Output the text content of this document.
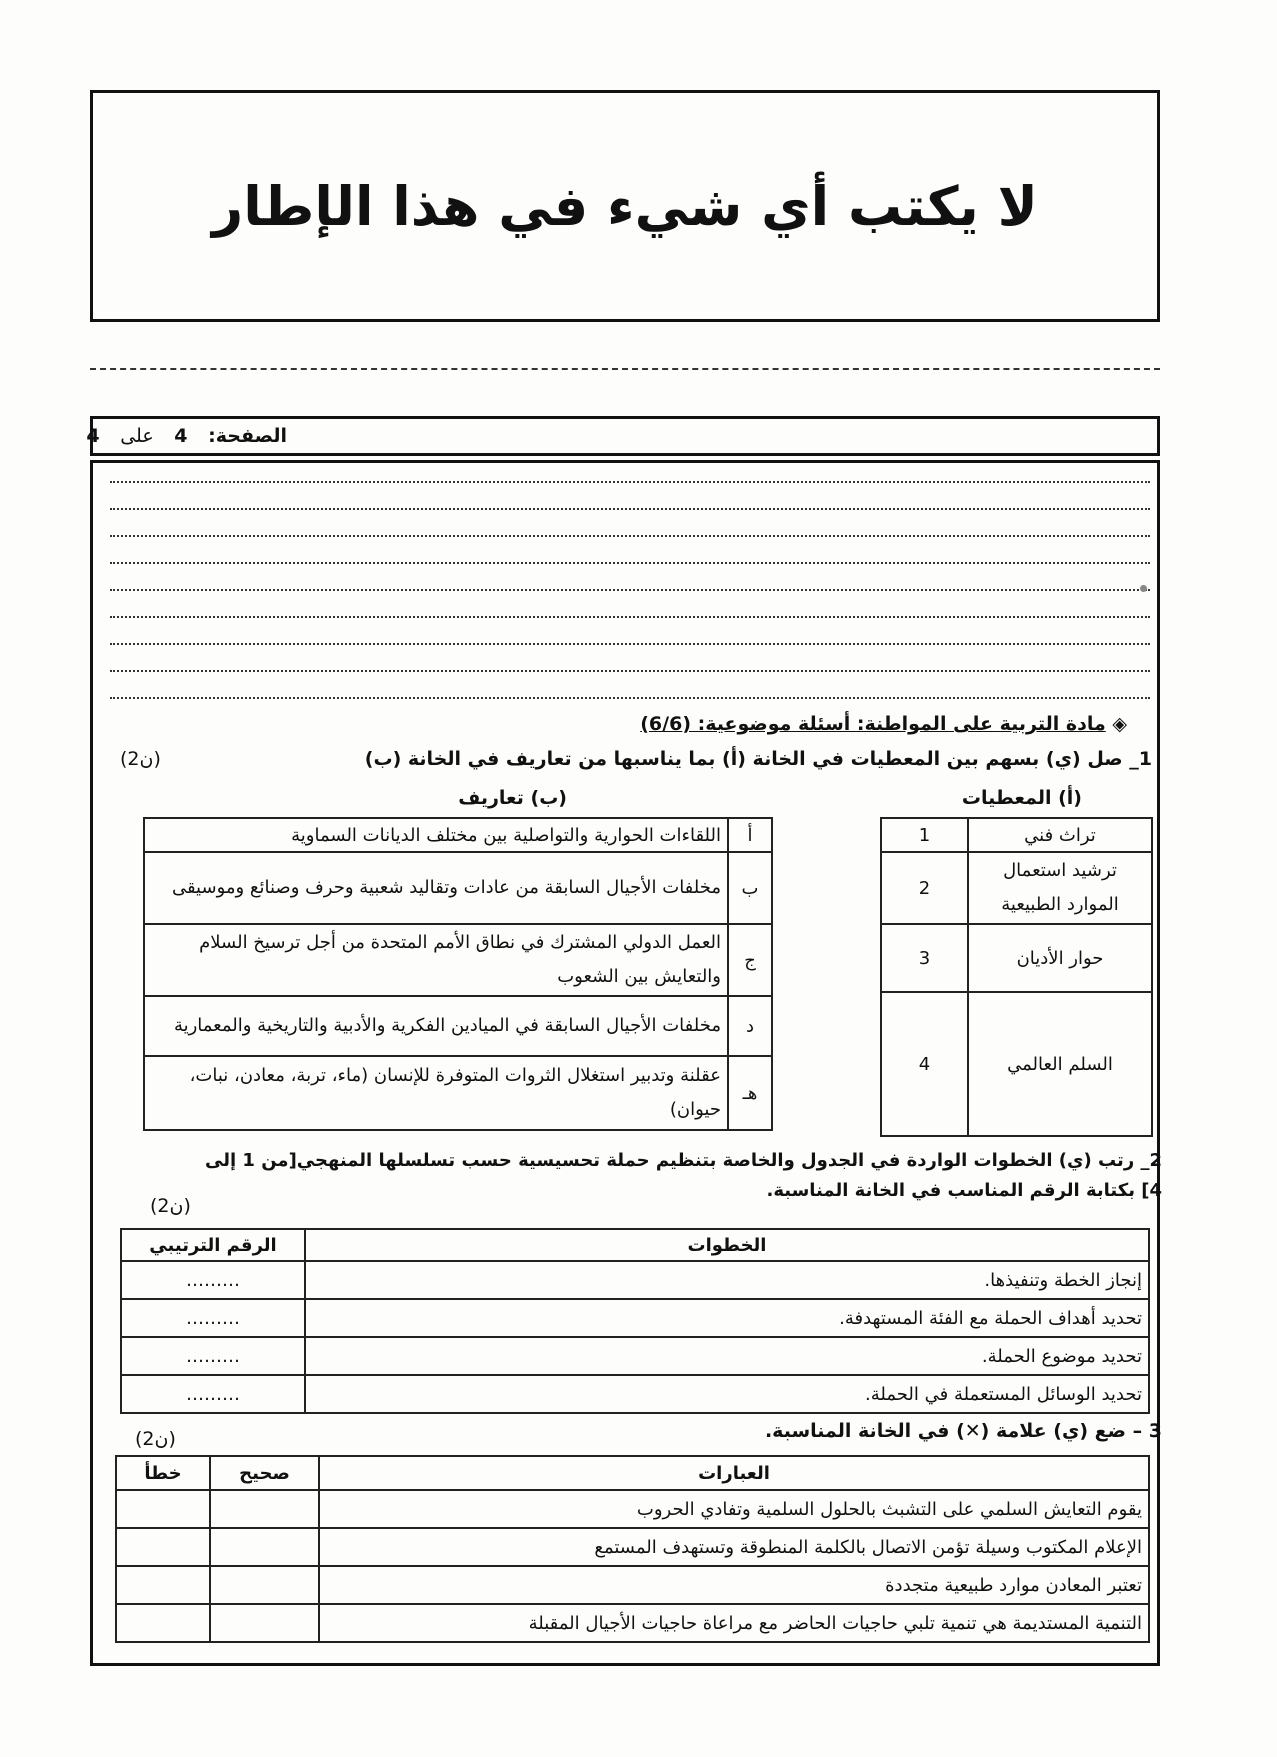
لا يكتب أي شيء في هذا الإطار
الصفحة: 4 على 4
◈ مادة التربية على المواطنة: أسئلة موضوعية: (6/6)
1_ صل (ي) بسهم بين المعطيات في الخانة (أ) بما يناسبها من تعاريف في الخانة (ب)
(2ن)
(أ) المعطيات
(ب) تعاريف
أ	اللقاءات الحوارية والتواصلية بين مختلف الديانات السماوية
ب	مخلفات الأجيال السابقة من عادات وتقاليد شعبية وحرف وصنائع وموسيقى
ج	العمل الدولي المشترك في نطاق الأمم المتحدة من أجل ترسيخ السلام والتعايش بين الشعوب
د	مخلفات الأجيال السابقة في الميادين الفكرية والأدبية والتاريخية والمعمارية
هـ	عقلنة وتدبير استغلال الثروات المتوفرة للإنسان (ماء، تربة، معادن، نبات، حيوان)
تراث فني	1
ترشيد استعمال الموارد الطبيعية	2
حوار الأديان	3
السلم العالمي	4
2_ رتب (ي) الخطوات الواردة في الجدول والخاصة بتنظيم حملة تحسيسية حسب تسلسلها المنهجي[من 1 إلى
4] بكتابة الرقم المناسب في الخانة المناسبة.
(2ن)
الخطوات	الرقم الترتيبي
إنجاز الخطة وتنفيذها.	………
تحديد أهداف الحملة مع الفئة المستهدفة.	………
تحديد موضوع الحملة.	………
تحديد الوسائل المستعملة في الحملة.	………
3 – ضع (ي) علامة (✕) في الخانة المناسبة.
(2ن)
العبارات	صحيح	خطأ
يقوم التعايش السلمي على التشبث بالحلول السلمية وتفادي الحروب		
الإعلام المكتوب وسيلة تؤمن الاتصال بالكلمة المنطوقة وتستهدف المستمع		
تعتبر المعادن موارد طبيعية متجددة		
التنمية المستديمة هي تنمية تلبي حاجيات الحاضر مع مراعاة حاجيات الأجيال المقبلة		
